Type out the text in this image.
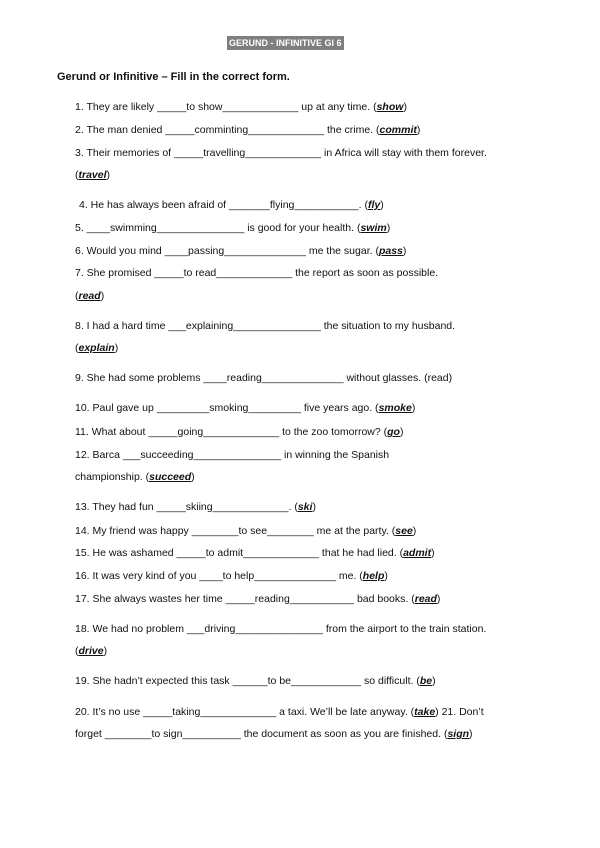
GERUND - INFINITIVE GI 6
Gerund or Infinitive – Fill in the correct form.
1. They are likely _____to show_____________ up at any time. (show)
2. The man denied _____comminting_____________ the crime. (commit)
3. Their memories of _____travelling_____________ in Africa will stay with them forever.
(travel)
4. He has always been afraid of _______flying___________. (fly)
5. ____swimming_______________ is good for your health. (swim)
6. Would you mind ____passing______________ me the sugar. (pass)
7. She promised _____to read_____________ the report as soon as possible.
(read)
8. I had a hard time ___explaining_______________ the situation to my husband.
(explain)
9. She had some problems ____reading______________ without glasses. (read)
10. Paul gave up _________smoking_________ five years ago. (smoke)
11. What about _____going_____________ to the zoo tomorrow? (go)
12. Barca ___succeeding_______________ in winning the Spanish
championship. (succeed)
13. They had fun _____skiing_____________. (ski)
14. My friend was happy ________to see________ me at the party. (see)
15. He was ashamed _____to admit_____________ that he had lied. (admit)
16. It was very kind of you ____to help______________ me. (help)
17. She always wastes her time _____reading___________ bad books. (read)
18. We had no problem ___driving_______________ from the airport to the train station.
(drive)
19. She hadn’t expected this task ______to be____________ so difficult. (be)
20. It’s no use _____taking_____________ a taxi. We’ll be late anyway. (take) 21. Don’t
forget ________to sign__________ the document as soon as you are finished. (sign)
